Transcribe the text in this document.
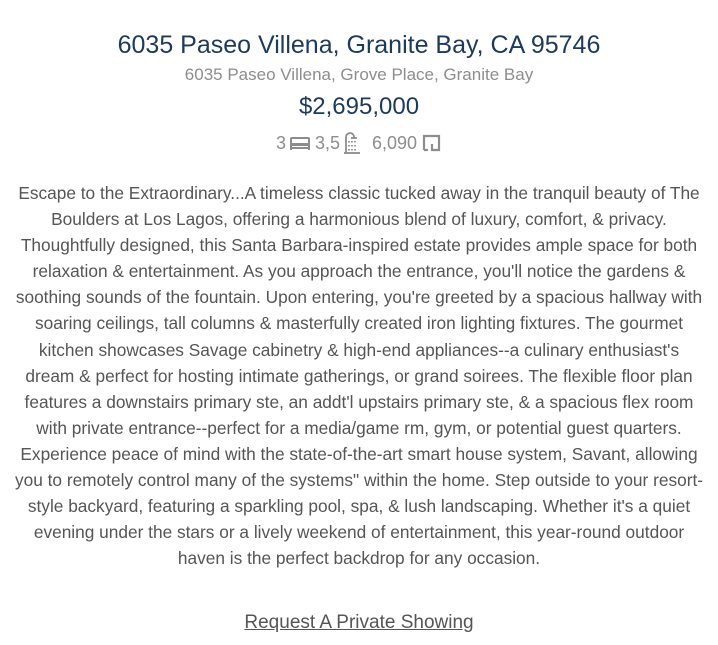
6035 Paseo Villena, Granite Bay, CA 95746
6035 Paseo Villena, Grove Place, Granite Bay
$2,695,000
3 3,5 6,090
Escape to the Extraordinary...A timeless classic tucked away in the tranquil beauty of The Boulders at Los Lagos, offering a harmonious blend of luxury, comfort, & privacy. Thoughtfully designed, this Santa Barbara-inspired estate provides ample space for both relaxation & entertainment. As you approach the entrance, you'll notice the gardens & soothing sounds of the fountain. Upon entering, you're greeted by a spacious hallway with soaring ceilings, tall columns & masterfully created iron lighting fixtures. The gourmet kitchen showcases Savage cabinetry & high-end appliances--a culinary enthusiast's dream & perfect for hosting intimate gatherings, or grand soirees. The flexible floor plan features a downstairs primary ste, an addt'l upstairs primary ste, & a spacious flex room with private entrance--perfect for a media/game rm, gym, or potential guest quarters. Experience peace of mind with the state-of-the-art smart house system, Savant, allowing you to remotely control many of the systems" within the home. Step outside to your resort-style backyard, featuring a sparkling pool, spa, & lush landscaping. Whether it's a quiet evening under the stars or a lively weekend of entertainment, this year-round outdoor haven is the perfect backdrop for any occasion.
Request A Private Showing
